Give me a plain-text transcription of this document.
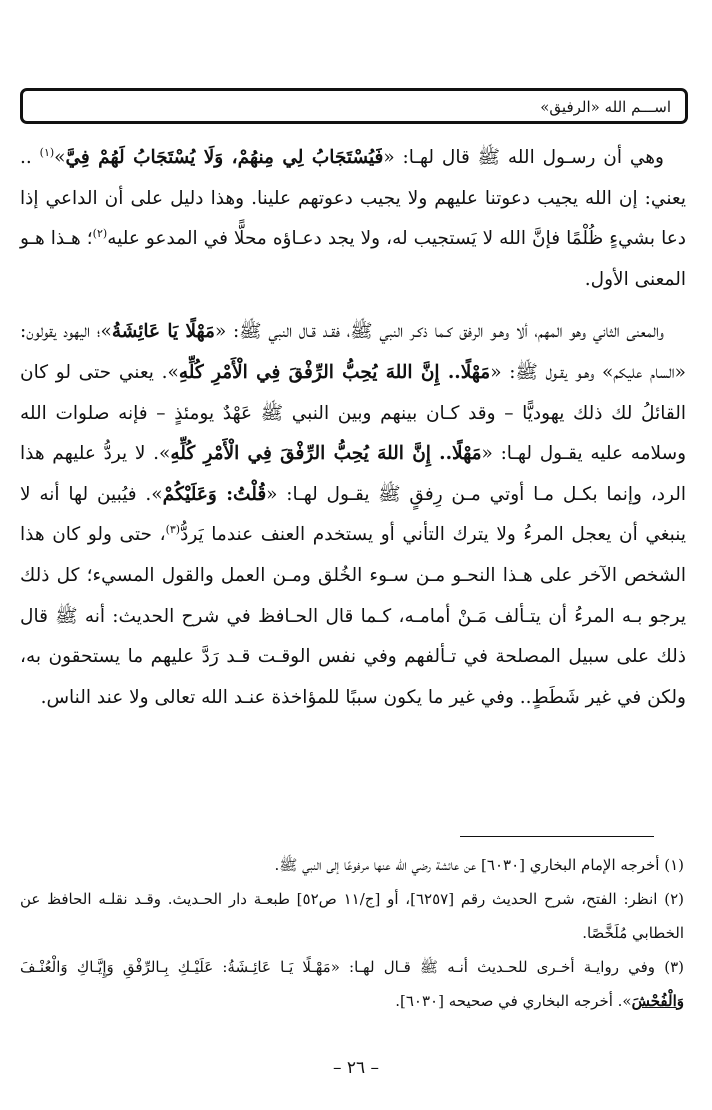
اســـم الله «الرفيق»

وهي أن رسـول الله ﷺ قال لهـا: «فَيُسْتَجَابُ لِي مِنهُمْ، وَلَا يُسْتَجَابُ لَهُمْ فِيَّ»$^{(١)}$ .. يعني: إن الله يجيب دعوتنا عليهم ولا يجيب دعوتهم علينا. وهذا دليل على أن الداعي إذا دعا بشيءٍ ظُلْمًا فإنَّ الله لا يَستجيب له، ولا يجد دعـاؤه محلًّا في المدعو عليه$^{(٢)}$؛ هـذا هـو المعنى الأول.

والمعنى الثاني وهو المهم، ألا وهـو الرفق كـما ذكـر النبي ﷺ، فقـد قـال النبي ﷺ: «مَهْلًا يَا عَائِشَةُ»؛ اليهود يقولون: «السام عليكم» وهـو يقـول ﷺ: «مَهْلًا.. إِنَّ اللهَ يُحِبُّ الرِّفْقَ فِي الْأَمْرِ كُلِّهِ». يعني حتى لو كان القائلُ لك ذلك يهوديًّا – وقد كـان بينهم وبين النبي ﷺ عَهْدٌ يومئذٍ – فإنه صلوات الله وسلامه عليه يقـول لهـا: «مَهْلًا.. إِنَّ اللهَ يُحِبُّ الرِّفْقَ فِي الْأَمْرِ كُلِّهِ». لا يردُّ عليهم هذا الرد، وإنما بكـل مـا أوتي مـن رِفقٍ ﷺ يقـول لهـا: «قُلْتُ: وَعَلَيْكُمْ». فيُبين لها أنه لا ينبغي أن يعجل المرءُ ولا يترك التأني أو يستخدم العنف عندما يَردُّ$^{(٣)}$، حتى ولو كان هذا الشخص الآخر على هـذا النحـو مـن سـوء الخُلق ومـن العمل والقول المسيء؛ كل ذلك يرجو بـه المرءُ أن يتـألف مَـنْ أمامـه، كـما قال الحـافظ في شرح الحديث: أنه ﷺ قال ذلك على سبيل المصلحة في تـألفهم وفي نفس الوقـت قـد رَدَّ عليهم ما يستحقون به، ولكن في غير شَطَطٍ.. وفي غير ما يكون سببًا للمؤاخذة عنـد الله تعالى ولا عند الناس.

(١) أخرجه الإمام البخاري [٦٠٣٠] عن عائشة رضي الله عنها مرفوعًا إلى النبي ﷺ.

(٢) انظر: الفتح، شرح الحديث رقم [٦٢٥٧]، أو [ج/١١ ص٥٢] طبعـة دار الحـديث. وقـد نقلـه الحافظ عن الخطابي مُلَخَّصًا.

(٣) وفي روايـة أخـرى للحـديث أنـه ﷺ قـال لهـا: «مَهْـلًا يَـا عَائِـشَةُ: عَلَيْـكِ بِـالرِّفْقِ وَإِيَّـاكِ وَالْعُنْـفَ وَالْفُحْشَ». أخرجه البخاري في صحيحه [٦٠٣٠].

– ٢٦ –
